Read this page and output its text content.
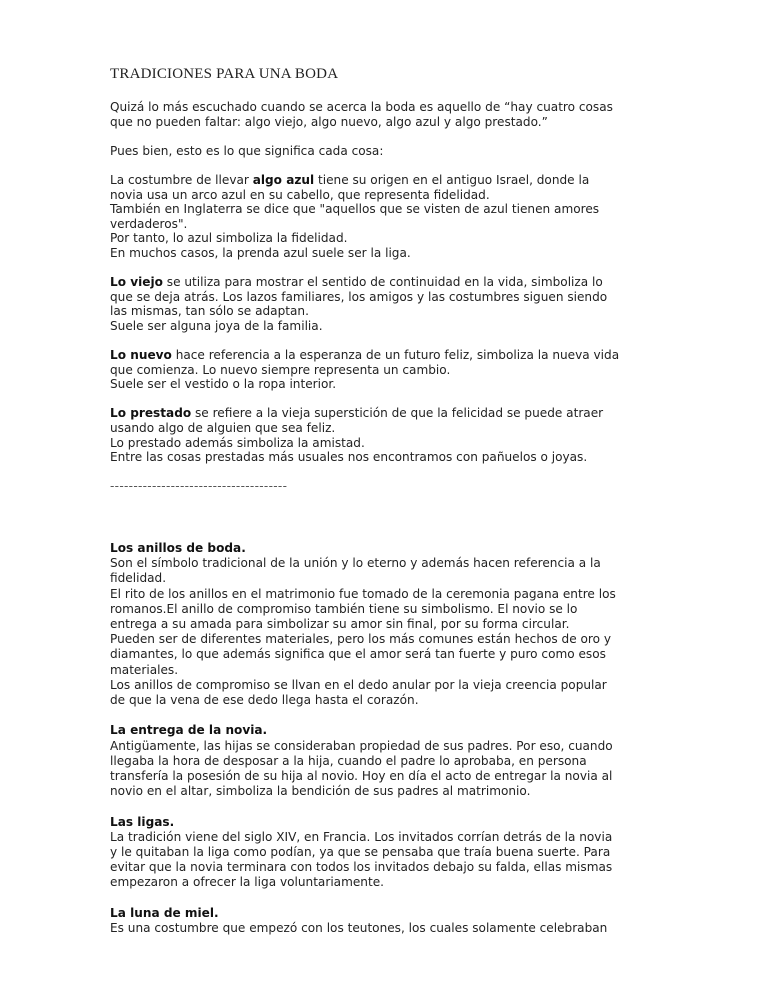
TRADICIONES PARA UNA BODA
Quizá lo más escuchado cuando se acerca la boda es aquello de “hay cuatro cosas
que no pueden faltar: algo viejo, algo nuevo, algo azul y algo prestado.”
Pues bien, esto es lo que significa cada cosa:
La costumbre de llevar algo azul tiene su origen en el antiguo Israel, donde la
novia usa un arco azul en su cabello, que representa fidelidad.
También en Inglaterra se dice que "aquellos que se visten de azul tienen amores
verdaderos".
Por tanto, lo azul simboliza la fidelidad.
En muchos casos, la prenda azul suele ser la liga.
Lo viejo se utiliza para mostrar el sentido de continuidad en la vida, simboliza lo
que se deja atrás. Los lazos familiares, los amigos y las costumbres siguen siendo
las mismas, tan sólo se adaptan.
Suele ser alguna joya de la familia.
Lo nuevo hace referencia a la esperanza de un futuro feliz, simboliza la nueva vida
que comienza. Lo nuevo siempre representa un cambio.
Suele ser el vestido o la ropa interior.
Lo prestado se refiere a la vieja superstición de que la felicidad se puede atraer
usando algo de alguien que sea feliz.
Lo prestado además simboliza la amistad.
Entre las cosas prestadas más usuales nos encontramos con pañuelos o joyas.
--------------------------------------
Los anillos de boda.
Son el símbolo tradicional de la unión y lo eterno y además hacen referencia a la
fidelidad.
El rito de los anillos en el matrimonio fue tomado de la ceremonia pagana entre los
romanos.El anillo de compromiso también tiene su simbolismo. El novio se lo
entrega a su amada para simbolizar su amor sin final, por su forma circular.
Pueden ser de diferentes materiales, pero los más comunes están hechos de oro y
diamantes, lo que además significa que el amor será tan fuerte y puro como esos
materiales.
Los anillos de compromiso se llvan en el dedo anular por la vieja creencia popular
de que la vena de ese dedo llega hasta el corazón.
La entrega de la novia.
Antigüamente, las hijas se consideraban propiedad de sus padres. Por eso, cuando
llegaba la hora de desposar a la hija, cuando el padre lo aprobaba, en persona
transfería la posesión de su hija al novio. Hoy en día el acto de entregar la novia al
novio en el altar, simboliza la bendición de sus padres al matrimonio.
Las ligas.
La tradición viene del siglo XIV, en Francia. Los invitados corrían detrás de la novia
y le quitaban la liga como podían, ya que se pensaba que traía buena suerte. Para
evitar que la novia terminara con todos los invitados debajo su falda, ellas mismas
empezaron a ofrecer la liga voluntariamente.
La luna de miel.
Es una costumbre que empezó con los teutones, los cuales solamente celebraban
